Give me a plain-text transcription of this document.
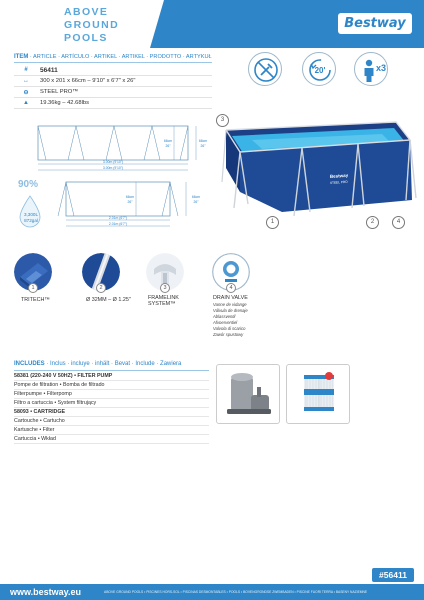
ABOVE
GROUND
POOLS
Bestway
ITEM · ARTICLE · ARTÍCULO · ARTIKEL · ARTIKEL · PRODOTTO · ARTYKUŁ
#	56411
↔	300 x 201 x 66cm – 9'10" x 6'7" x 26"
⊖	STEEL PRO™
▲	19.36kg – 42.68lbs
20'	x3
3.00m (9'10")
3.00m (9'10")
66cm
26"
66cm
26"
90%
3,300L
872gal	2.01m (6'7")
2.01m (6'7")
66cm
26"
66cm
26"
Bestway
STEEL PRO
3
1	2	4
1	2	3	4
TRITECH™	Ø 32MM – Ø 1.25"	FRAMELINK
SYSTEM™
DRAIN VALVE
Vanne de vidange
Válvula de drenaje
Ablassventil
Afvoerventiel
Valvola di scarico
Zawór spustowy
INCLUDES · Inclus · incluye · inhält · Bevat · Include · Zawiera
58381 (220-240 V 50HZ) • FILTER PUMP
Pompe de filtration • Bomba de filtrado
Filterpumpe • Filterpomp
Filtro a cartuccia • System filtrujący
58093 • CARTRIDGE
Cartouche • Cartucho
Kartusche • Filter
Cartuccia • Wkład
#56411
www.bestway.eu	ABOVE GROUND POOLS • PISCINES HORS-SOL • PISCINAS DESMONTABLES • POOLS • BOVENGRONDSE ZWEMBADEN • PISCINE FUORI TERRA • BASENY NAZIEMNE
